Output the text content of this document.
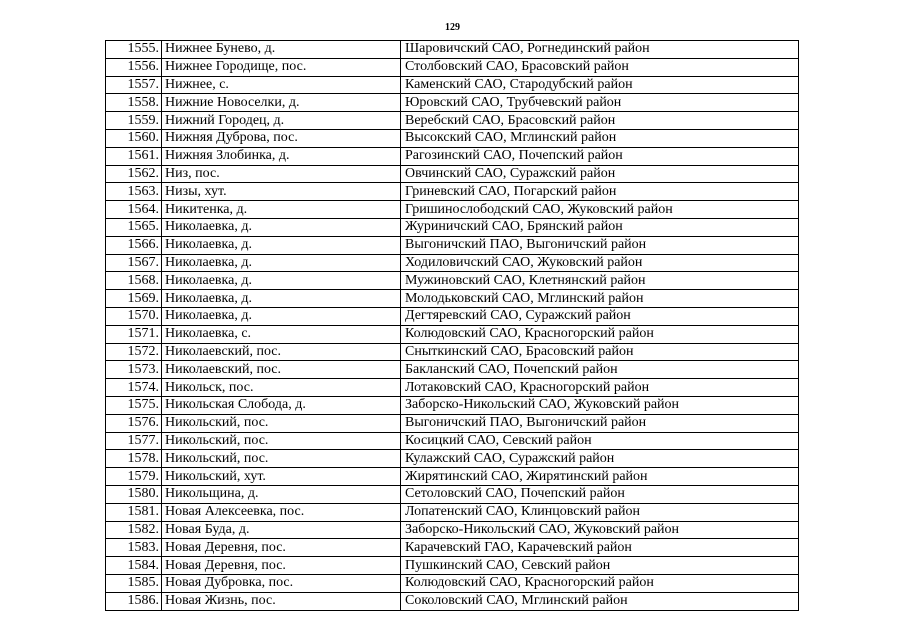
129
1555.	Нижнее Бунево, д.	Шаровичский САО, Рогнединский район
1556.	Нижнее Городище, пос.	Столбовский САО, Брасовский район
1557.	Нижнее, с.	Каменский САО, Стародубский район
1558.	Нижние Новоселки, д.	Юровский САО, Трубчевский район
1559.	Нижний Городец, д.	Веребский САО, Брасовский район
1560.	Нижняя Дуброва, пос.	Высокский САО, Мглинский район
1561.	Нижняя Злобинка, д.	Рагозинский САО, Почепский район
1562.	Низ, пос.	Овчинский САО, Суражский район
1563.	Низы, хут.	Гриневский САО, Погарский район
1564.	Никитенка, д.	Гришинослободский САО, Жуковский район
1565.	Николаевка, д.	Журиничский САО, Брянский район
1566.	Николаевка, д.	Выгоничский ПАО, Выгоничский район
1567.	Николаевка, д.	Ходиловичский САО, Жуковский район
1568.	Николаевка, д.	Мужиновский САО, Клетнянский район
1569.	Николаевка, д.	Молодьковский САО, Мглинский район
1570.	Николаевка, д.	Дегтяревский САО, Суражский район
1571.	Николаевка, с.	Колюдовский САО, Красногорский район
1572.	Николаевский, пос.	Сныткинский САО, Брасовский район
1573.	Николаевский, пос.	Бакланский САО, Почепский район
1574.	Никольск, пос.	Лотаковский САО, Красногорский район
1575.	Никольская Слобода, д.	Заборско-Никольский САО, Жуковский район
1576.	Никольский, пос.	Выгоничский ПАО, Выгоничский район
1577.	Никольский, пос.	Косицкий САО, Севский район
1578.	Никольский, пос.	Кулажский САО, Суражский район
1579.	Никольский, хут.	Жирятинский САО, Жирятинский район
1580.	Никольщина, д.	Сетоловский САО, Почепский район
1581.	Новая Алексеевка, пос.	Лопатенский САО, Клинцовский район
1582.	Новая Буда, д.	Заборско-Никольский САО, Жуковский район
1583.	Новая Деревня, пос.	Карачевский ГАО, Карачевский район
1584.	Новая Деревня, пос.	Пушкинский САО, Севский район
1585.	Новая Дубровка, пос.	Колюдовский САО, Красногорский район
1586.	Новая Жизнь, пос.	Соколовский САО, Мглинский район
